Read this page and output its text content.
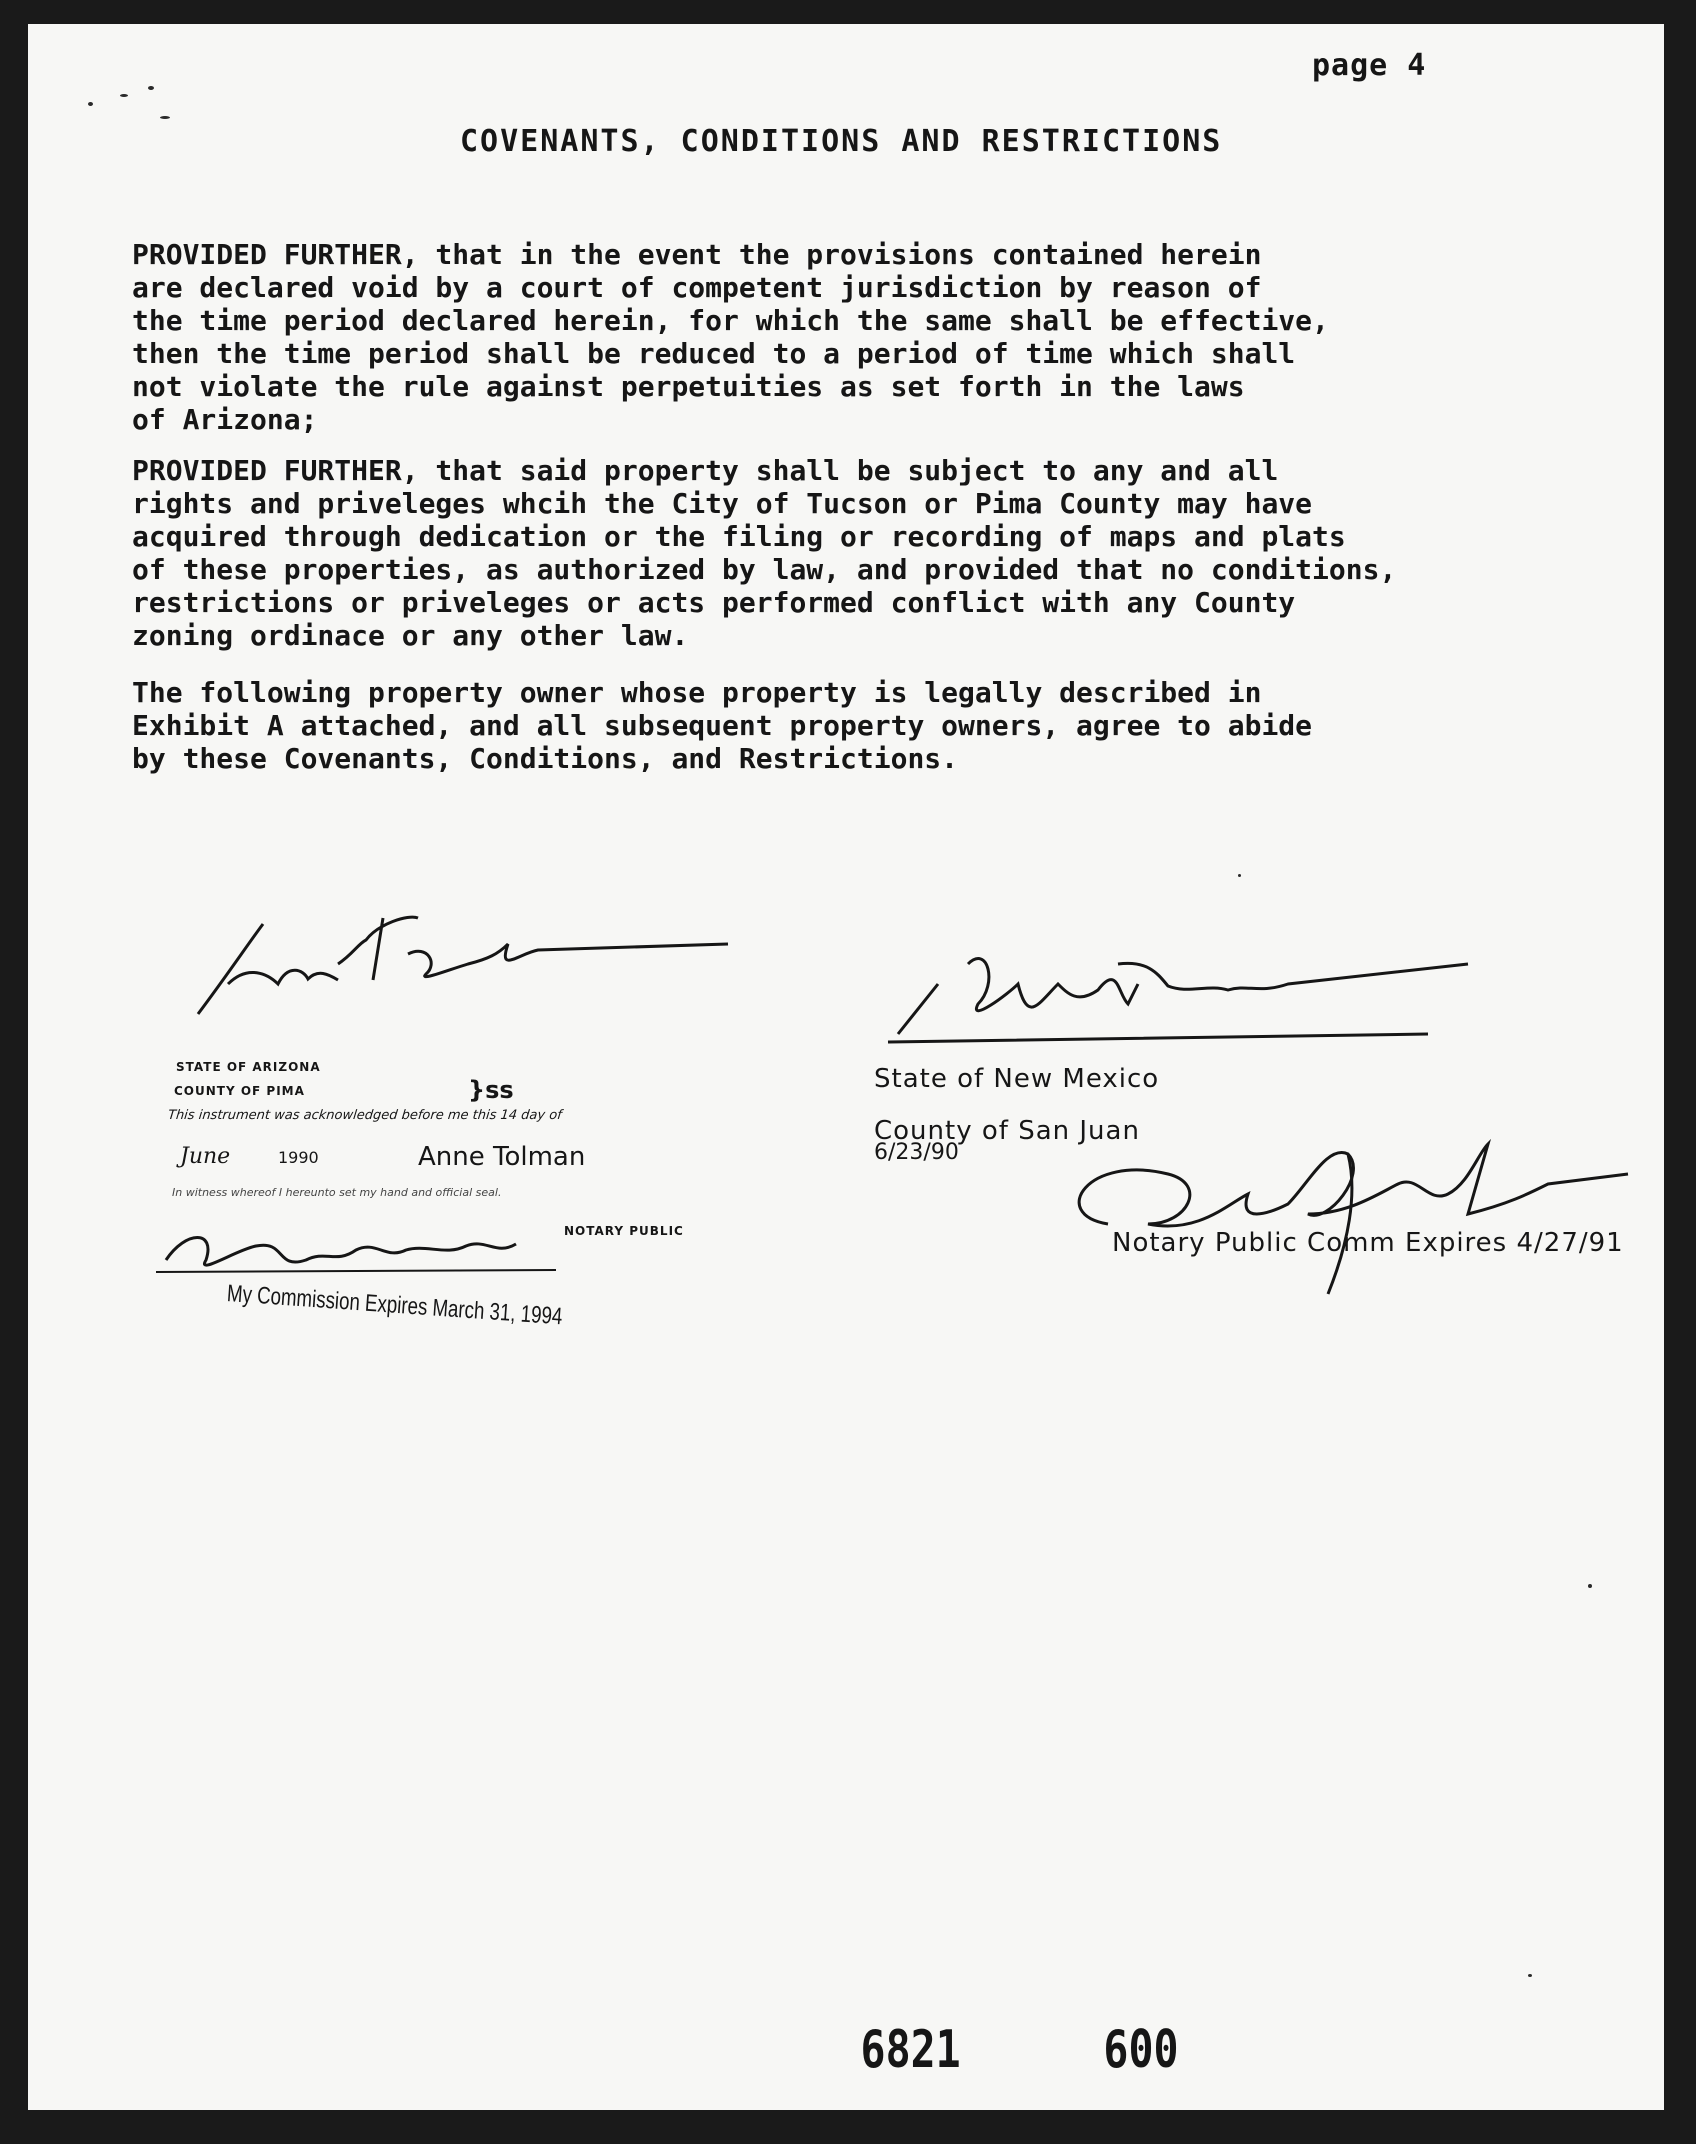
page 4
COVENANTS, CONDITIONS AND RESTRICTIONS
PROVIDED FURTHER, that in the event the provisions contained herein
are declared void by a court of competent jurisdiction by reason of
the time period declared herein, for which the same shall be effective,
then the time period shall be reduced to a period of time which shall
not violate the rule against perpetuities as set forth in the laws
of Arizona;
PROVIDED FURTHER, that said property shall be subject to any and all
rights and priveleges whcih the City of Tucson or Pima County may have
acquired through dedication or the filing or recording of maps and plats
of these properties, as authorized by law, and provided that no conditions,
restrictions or priveleges or acts performed conflict with any County
zoning ordinace or any other law.
The following property owner whose property is legally described in
Exhibit A attached, and all subsequent property owners, agree to abide
by these Covenants, Conditions, and Restrictions.
STATE OF ARIZONA
COUNTY OF PIMA	}ss
This instrument was acknowledged before me this 14 day of
June	1990	Anne Tolman
In witness whereof I hereunto set my hand and official seal.
NOTARY PUBLIC
My Commission Expires March 31, 1994
State of New Mexico
County of San Juan
6/23/90
Notary Public Comm Expires 4/27/91
6821	600
